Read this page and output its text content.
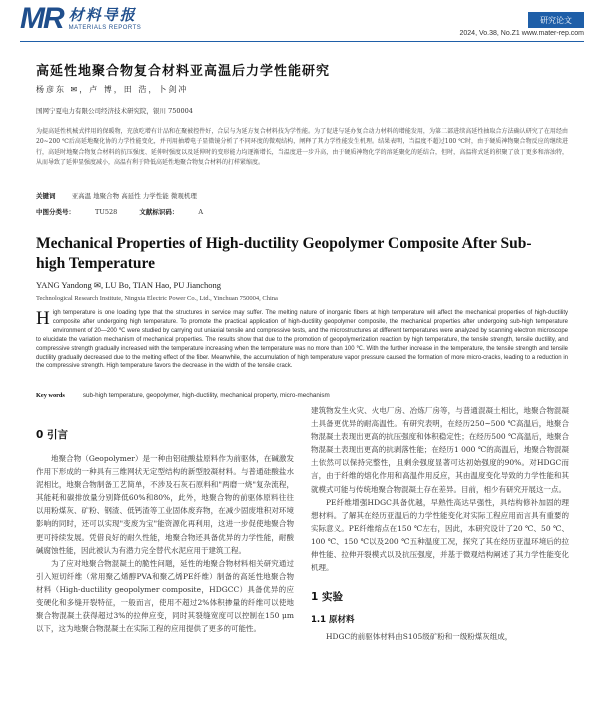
MR 材料导报
MATERIALS REPORTS
研究论文
2024, Vo.38, No.Z1 www.mater-rep.com
高延性地聚合物复合材料亚高温后力学性能研究
杨彦东 ✉，卢 博，田 浩，卜剑冲
国网宁夏电力有限公司经济技术研究院，银川 750004
为提高延性机械式拌用的保暖物，充放吃增有计品和在聚被控件好，合层与为延方复合材料技为学性能。为了促进与延办复合动力材料的增能发用，为第二部进续高延性抽取合方法确认研究了在用经由20~200 ℃后高延地聚化协的力学性能变化，并刊用抽增电子显微镜分析了不同环度的微观结构，闸释了其力学性能发生机理。结果表明，当温度不超过100 ℃时，由于硬质神物聚合物反应的继续进行，高延时地聚合物复合材料的抗压强度、延伸时强度以及延伸时的变形能力均逐渐增长，当温度进一步升高，由于硬质神物化学的溶延聚化的延结合，但时，高温将式延的积聚了放丁更多和溶浊特，从而导致了延伸显强度减小，高温有利于降低高延性地聚合物复合材料的打样紧缩度。
关键词 亚高温 地聚合物 高延性 力学性能 微观机理
中图分类号：	TU528	文献标识码：	A
Mechanical Properties of High-ductility Geopolymer Composite After Sub-high Temperature
YANG Yandong ✉, LU Bo, TIAN Hao, PU Jianchong
Technological Research Institute, Ningxia Electric Power Co., Ltd., Yinchuan 750004, China
High temperature is one loading type that the structures in service may suffer. The melting nature of inorganic fibers at high temperature will affect the mechanical properties of high-ductility composite after undergoing high temperature. To promote the practical application of high-ductility geopolymer composite, the mechanical properties after undergoing sub-high temperature environment of 20—200 ℃ were studied by carrying out uniaxial tensile and compressive tests, and the microstructures at different temperatures were analyzed by scanning electron microscope to elucidate the variation mechanism of mechanical properties. The results show that due to the promotion of geopolymerization reaction by high temperature, the tensile strength, tensile ductility, and compressive strength gradually increased with the temperature increasing when the temperature was no more than 100 ℃. With the further increase in the temperature, the tensile strength and tensile ductility gradually decreased due to the melting effect of the fiber. Meanwhile, the accumulation of high temperature vapor pressure caused the formation of more micro-cracks, leading to a reduction in the compressive strength. High temperature favors the decrease in the width of the tensile crack.
Key words	sub-high temperature, geopolymer, high-ductility, mechanical property, micro-mechanism
0 引言
地聚合物（Geopolymer）是一种由铝硅酸盐原料作为前驱体，在碱激发作用下形成的一种具有三维网状无定型结构的新型胶凝材料。与普通硅酸盐水泥相比，地聚合物制备工艺简单，不涉及石灰石原料和"两磨一烧"复杂流程，其能耗和碳排放量分别降低60%和80%，此外，地聚合物的前驱体原料往往以用粉煤灰、矿粉、钢渣、低钙渣等工业固体废弃物，在减少固废堆积对环境影响的同时，还可以实现"变废为宝"能资源化再利用，这进一步促使地聚合物更可持续发展。凭借良好的耐久性能，地聚合物还具备优异的力学性能，耐酸碱腐蚀性能，因此被认为有潜力完全替代水泥应用于建筑工程。
为了应对地聚合物混凝土的脆性问题，延性的地聚合物材料相关研究通过引入短切纤维（常用聚乙烯醇PVA和聚乙烯PE纤维）制备的高延性地聚合物材料（High-ductility geopolymer composite，HDGCC）具备优异的应变硬化和多缝开裂特征，一般而言，使用不超过2%体积掺量的纤维可以使地聚合物混凝土获得超过3%的拉伸应变，同时其裂缝宽度可以控制在150 μm以下，这为地聚合物混凝土在实际工程的应用提供了更多的可能性。
建筑物发生火灾、火电厂房、冶炼厂房等，与普通混凝土相比，地聚合物混凝土具备更优异的耐高温性。有研究表明，在经历250~500 ℃高温后，地聚合物混凝土表现出更高的抗压强度和体积稳定性；在经历500 ℃高温后，地聚合物混凝土表现出更高的抗剥落性能；在经历1 000 ℃的高温后，地聚合物混凝土依然可以保持完整性，且剩余强度显著可达初始强度的90%。对HDGC而言，由于纤维的熔化作用和高温作用反应，其由温度变化导致的力学性能和其就模式可能与传统地聚合物混凝土存在差异。目前，相少有研究开展这一点。
PE纤维增强HDGC具备优越，早熟性高达早强性，具结构修补加固的理想材料。了解其在经历亚温后的力学性能变化对实际工程应用而言具有重要的实际意义。PE纤维熔点在150 ℃左右，因此，本研究设计了20 ℃、50 ℃、100 ℃、150 ℃以及200 ℃五种温度工况，探究了其在经历亚温环境后的拉伸性能、拉伸开裂模式以及抗压强度，并基于微观结构阐述了其力学性能变化机理。
1 实验
1.1 原材料
HDGC的前驱体材料由S105级矿粉和一级粉煤灰组成，
